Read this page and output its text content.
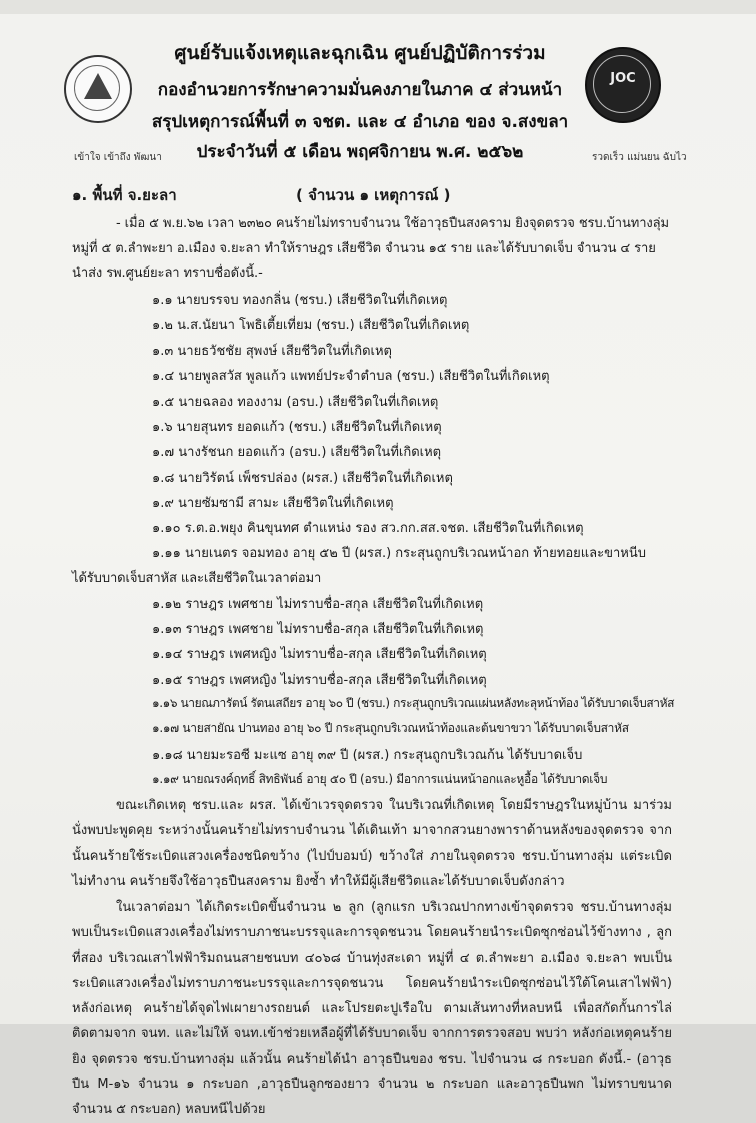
เข้าใจ เข้าถึง พัฒนา
JOC
รวดเร็ว แม่นยน ฉับไว
ศูนย์รับแจ้งเหตุและฉุกเฉิน ศูนย์ปฏิบัติการร่วม
กองอำนวยการรักษาความมั่นคงภายในภาค ๔ ส่วนหน้า
สรุปเหตุการณ์พื้นที่ ๓ จชต. และ ๔ อำเภอ ของ จ.สงขลา
ประจำวันที่ ๕ เดือน พฤศจิกายน พ.ศ. ๒๕๖๒
๑. พื้นที่ จ.ยะลา	( จำนวน ๑ เหตุการณ์ )
- เมื่อ ๕ พ.ย.๖๒ เวลา ๒๓๒๐ คนร้ายไม่ทราบจำนวน ใช้อาวุธปืนสงคราม ยิงจุดตรวจ ชรบ.บ้านทางลุ่ม
หมู่ที่ ๕ ต.ลำพะยา อ.เมือง จ.ยะลา ทำให้ราษฎร เสียชีวิต จำนวน ๑๕ ราย และได้รับบาดเจ็บ จำนวน ๔ ราย
นำส่ง รพ.ศูนย์ยะลา ทราบชื่อดังนี้.-
๑.๑ นายบรรจบ ทองกลิ่น (ชรบ.) เสียชีวิตในที่เกิดเหตุ
๑.๒ น.ส.นัยนา โพธิเตี้ยเที่ยม (ชรบ.) เสียชีวิตในที่เกิดเหตุ
๑.๓ นายธวัชชัย สุพงษ์ เสียชีวิตในที่เกิดเหตุ
๑.๔ นายพูลสวัส พูลแก้ว แพทย์ประจำตำบล (ชรบ.) เสียชีวิตในที่เกิดเหตุ
๑.๕ นายฉลอง ทองงาม (อรบ.) เสียชีวิตในที่เกิดเหตุ
๑.๖ นายสุนทร ยอดแก้ว (ชรบ.) เสียชีวิตในที่เกิดเหตุ
๑.๗ นางรัชนก ยอดแก้ว (อรบ.) เสียชีวิตในที่เกิดเหตุ
๑.๘ นายวิรัตน์ เพ็ชรปล่อง (ผรส.) เสียชีวิตในที่เกิดเหตุ
๑.๙ นายซัมซามี สามะ เสียชีวิตในที่เกิดเหตุ
๑.๑๐ ร.ต.อ.พยุง คินขุนทศ ตำแหน่ง รอง สว.กก.สส.จชต. เสียชีวิตในที่เกิดเหตุ
๑.๑๑ นายเนตร จอมทอง อายุ ๕๒ ปี (ผรส.) กระสุนถูกบริเวณหน้าอก ท้ายทอยและขาหนีบ
ได้รับบาดเจ็บสาหัส และเสียชีวิตในเวลาต่อมา
๑.๑๒ ราษฎร เพศชาย ไม่ทราบชื่อ-สกุล เสียชีวิตในที่เกิดเหตุ
๑.๑๓ ราษฎร เพศชาย ไม่ทราบชื่อ-สกุล เสียชีวิตในที่เกิดเหตุ
๑.๑๔ ราษฎร เพศหญิง ไม่ทราบชื่อ-สกุล เสียชีวิตในที่เกิดเหตุ
๑.๑๕ ราษฎร เพศหญิง ไม่ทราบชื่อ-สกุล เสียชีวิตในที่เกิดเหตุ
๑.๑๖ นายณภารัตน์ รัตนเสถียร อายุ ๖๐ ปี (ชรบ.) กระสุนถูกบริเวณแผ่นหลังทะลุหน้าท้อง ได้รับบาดเจ็บสาหัส
๑.๑๗ นายสายัณ ปานทอง อายุ ๖๐ ปี กระสุนถูกบริเวณหน้าท้องและต้นขาขวา ได้รับบาดเจ็บสาหัส
๑.๑๘ นายมะรอซี มะแซ อายุ ๓๙ ปี (ผรส.) กระสุนถูกบริเวณก้น ได้รับบาดเจ็บ
๑.๑๙ นายณรงค์ฤทธิ์ สิทธิพันธ์ อายุ ๕๐ ปี (อรบ.) มีอาการแน่นหน้าอกและหูอื้อ ได้รับบาดเจ็บ
ขณะเกิดเหตุ ชรบ.และ ผรส. ได้เข้าเวรจุดตรวจ ในบริเวณที่เกิดเหตุ โดยมีราษฎรในหมู่บ้าน มาร่วมนั่งพบปะพูดคุย ระหว่างนั้นคนร้ายไม่ทราบจำนวน ได้เดินเท้า มาจากสวนยางพาราด้านหลังของจุดตรวจ จากนั้นคนร้ายใช้ระเบิดแสวงเครื่องชนิดขว้าง (ไปป์บอมบ์) ขว้างใส่ ภายในจุดตรวจ ชรบ.บ้านทางลุ่ม แต่ระเบิดไม่ทำงาน คนร้ายจึงใช้อาวุธปืนสงคราม ยิงซ้ำ ทำให้มีผู้เสียชีวิตและได้รับบาดเจ็บดังกล่าว
ในเวลาต่อมา ได้เกิดระเบิดขึ้นจำนวน ๒ ลูก (ลูกแรก บริเวณปากทางเข้าจุดตรวจ ชรบ.บ้านทางลุ่ม พบเป็นระเบิดแสวงเครื่องไม่ทราบภาชนะบรรจุและการจุดชนวน โดยคนร้ายนำระเบิดซุกซ่อนไว้ข้างทาง , ลูกที่สอง บริเวณเสาไฟฟ้าริมถนนสายชนบท ๔๐๖๘ บ้านทุ่งสะเดา หมู่ที่ ๔ ต.ลำพะยา อ.เมือง จ.ยะลา พบเป็นระเบิดแสวงเครื่องไม่ทราบภาชนะบรรจุและการจุดชนวน โดยคนร้ายนำระเบิดซุกซ่อนไว้ใต้โคนเสาไฟฟ้า) หลังก่อเหตุ คนร้ายได้จุดไฟเผายางรถยนต์ และโปรยตะปูเรือใบ ตามเส้นทางที่หลบหนี เพื่อสกัดกั้นการไล่ติดตามจาก จนท. และไม่ให้ จนท.เข้าช่วยเหลือผู้ที่ได้รับบาดเจ็บ จากการตรวจสอบ พบว่า หลังก่อเหตุคนร้ายยิง จุดตรวจ ชรบ.บ้านทางลุ่ม แล้วนั้น คนร้ายได้นำ อาวุธปืนของ ชรบ. ไปจำนวน ๘ กระบอก ดังนี้.- (อาวุธปืน M-๑๖ จำนวน ๑ กระบอก ,อาวุธปืนลูกซองยาว จำนวน ๒ กระบอก และอาวุธปืนพก ไม่ทราบขนาด จำนวน ๕ กระบอก) หลบหนีไปด้วย
